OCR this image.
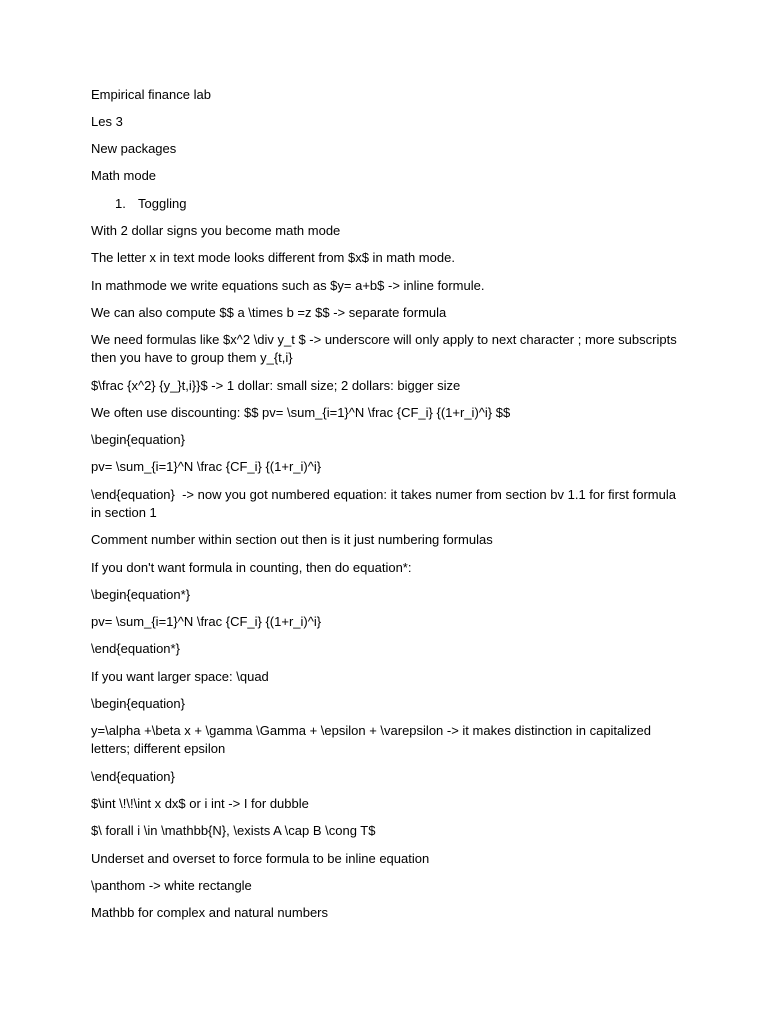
Empirical finance lab
Les 3
New packages
Math mode
1. Toggling
With 2 dollar signs you become math mode
The letter x in text mode looks different from $x$ in math mode.
In mathmode we write equations such as $y= a+b$ -> inline formule.
We can also compute $$ a \times b =z $$ -> separate formula
We need formulas like $x^2 \div y_t $ -> underscore will only apply to next character ; more subscripts then you have to group them y_{t,i}
$\frac {x^2} {y_}t,i}}$ -> 1 dollar: small size; 2 dollars: bigger size
We often use discounting: $$ pv= \sum_{i=1}^N \frac {CF_i} {(1+r_i)^i} $$
\begin{equation}
pv= \sum_{i=1}^N \frac {CF_i} {(1+r_i)^i}
\end{equation}  -> now you got numbered equation: it takes numer from section bv 1.1 for first formula in section 1
Comment number within section out then is it just numbering formulas
If you don't want formula in counting, then do equation*:
\begin{equation*}
pv= \sum_{i=1}^N \frac {CF_i} {(1+r_i)^i}
\end{equation*}
If you want larger space: \quad
\begin{equation}
y=\alpha +\beta x + \gamma \Gamma + \epsilon + \varepsilon -> it makes distinction in capitalized letters; different epsilon
\end{equation}
$\int \!\!\int x dx$ or i int -> I for dubble
$\ forall i \in \mathbb{N}, \exists A \cap B \cong T$
Underset and overset to force formula to be inline equation
\panthom -> white rectangle
Mathbb for complex and natural numbers
